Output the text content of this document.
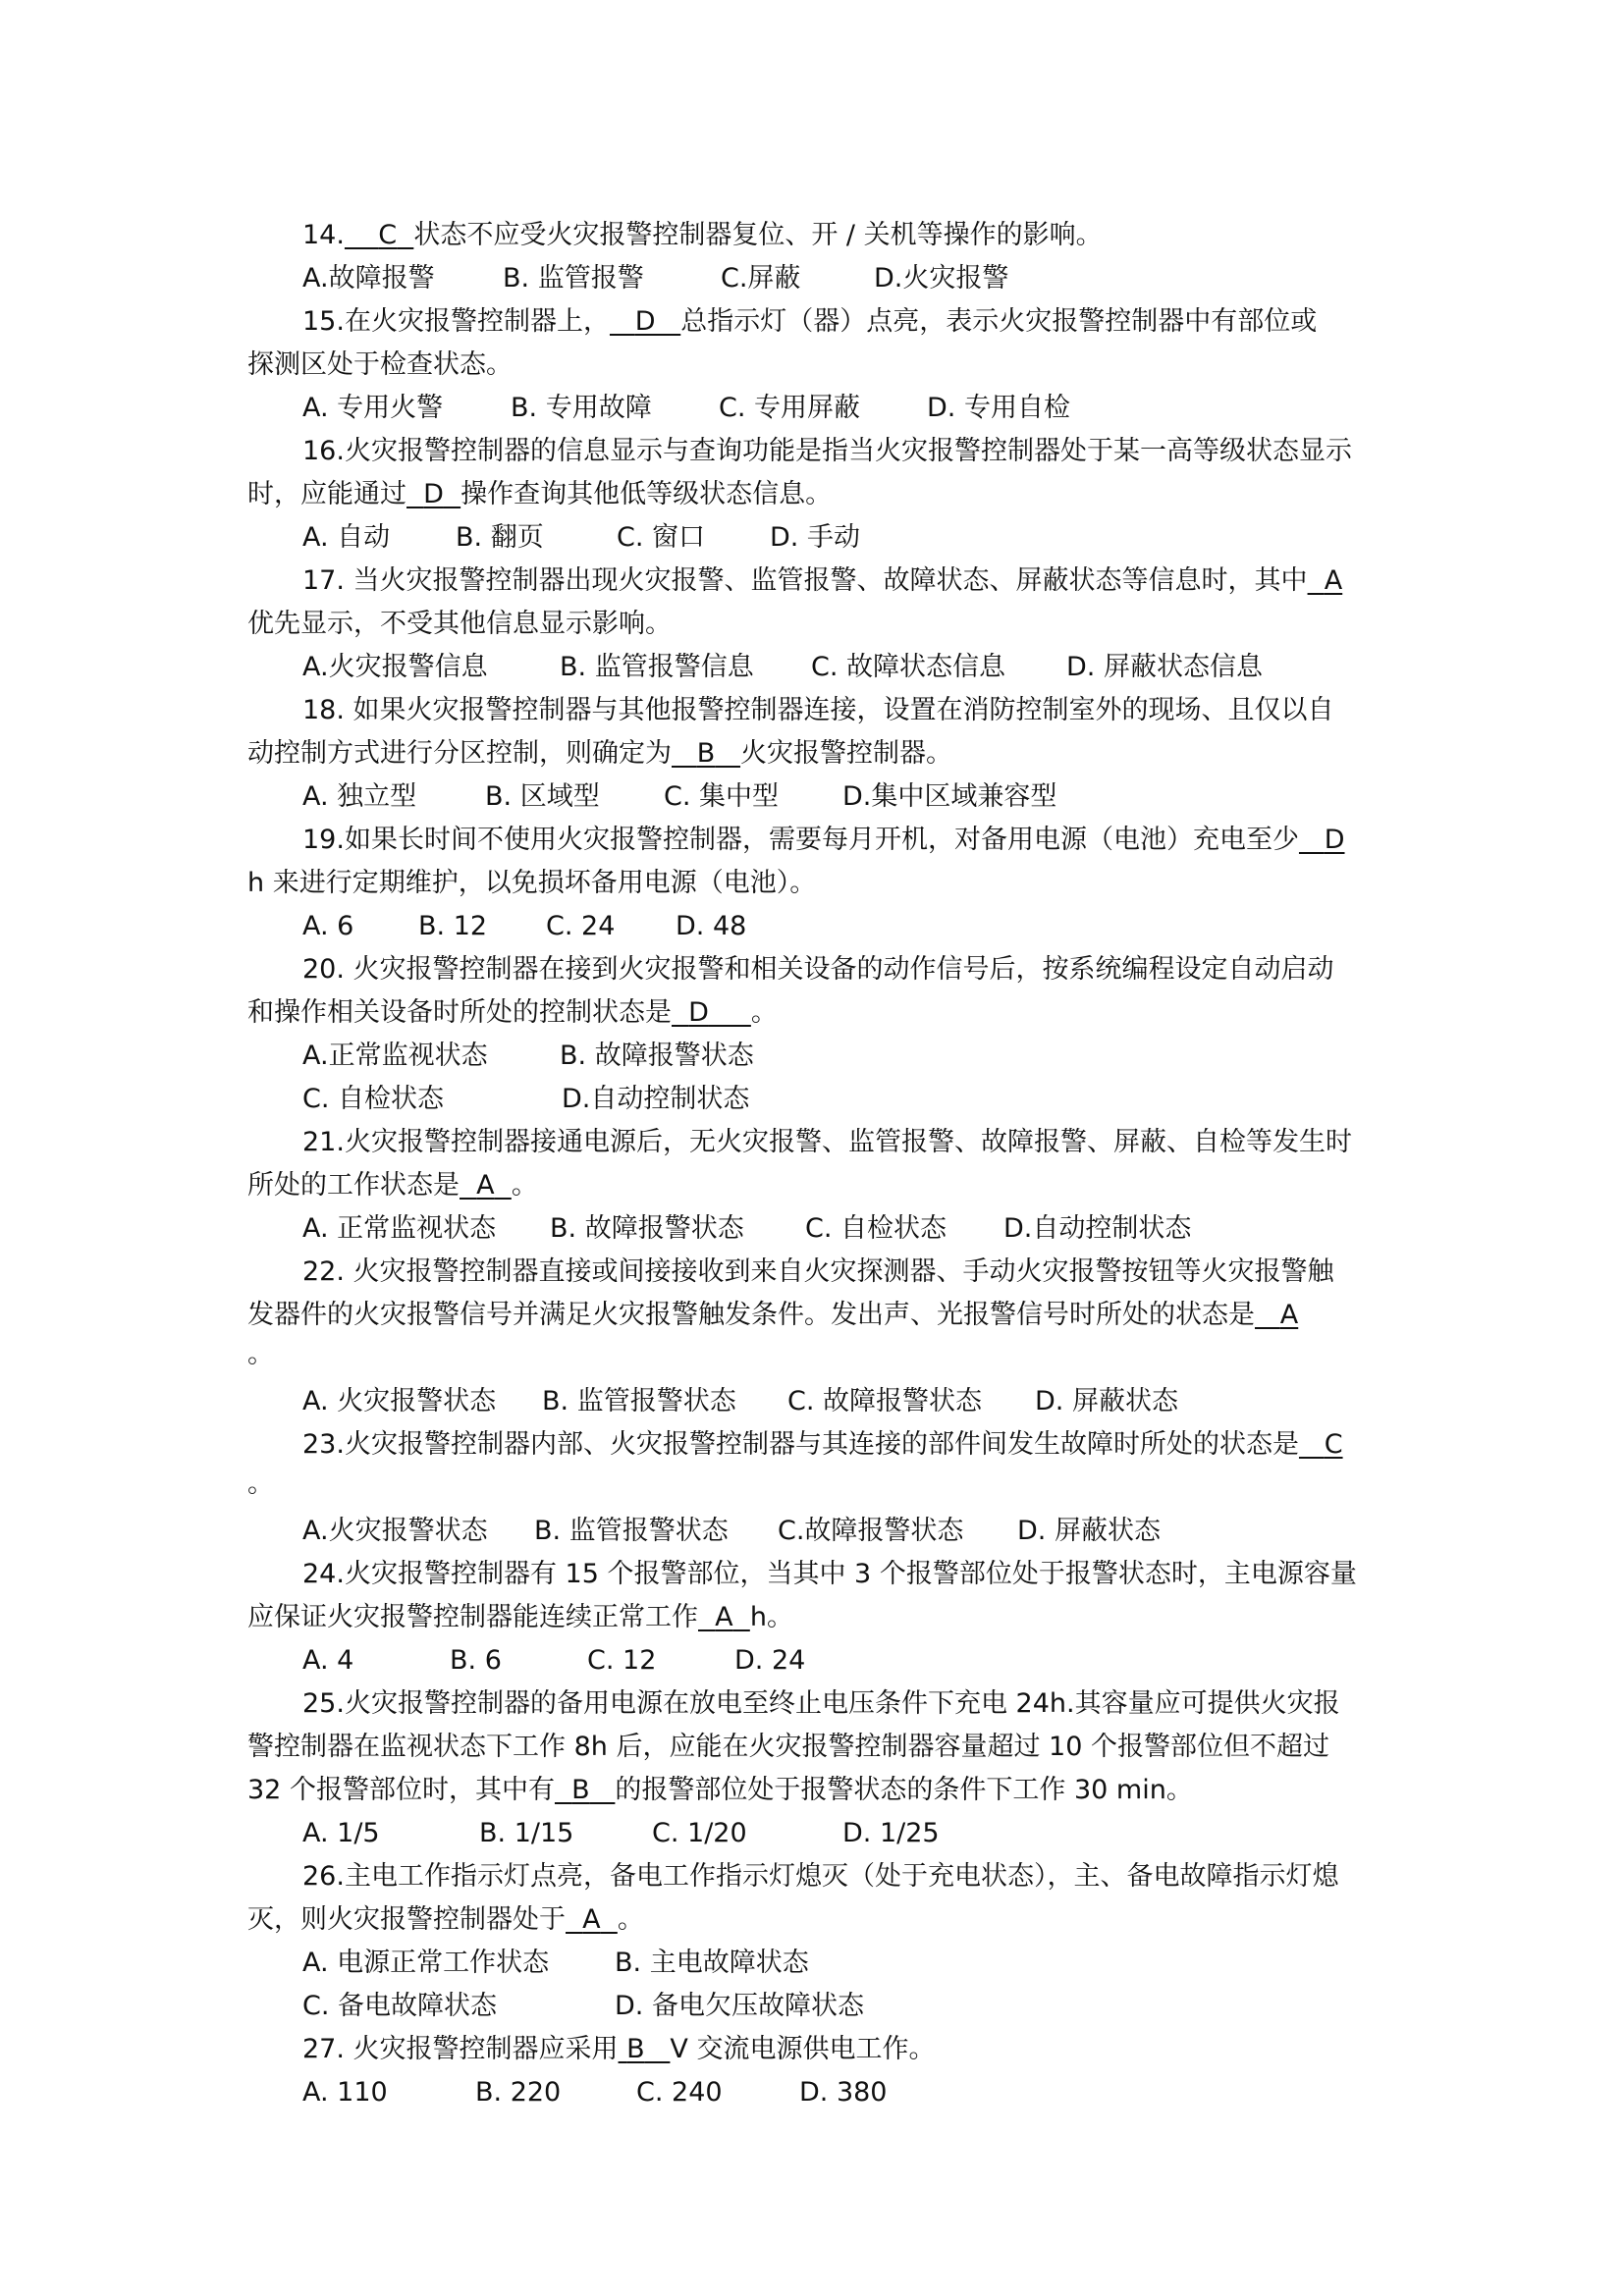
14. C 状态不应受火灾报警控制器复位、开 / 关机等操作的影响。
A.故障报警	B. 监管报警	C.屏蔽	D.火灾报警
15.在火灾报警控制器上， D 总指示灯（器）点亮，表示火灾报警控制器中有部位或
探测区处于检查状态。
A. 专用火警	B. 专用故障	C. 专用屏蔽	D. 专用自检
16.火灾报警控制器的信息显示与查询功能是指当火灾报警控制器处于某一高等级状态显示
时，应能通过 D 操作查询其他低等级状态信息。
A. 自动 B. 翻页	C. 窗口 D. 手动
17. 当火灾报警控制器出现火灾报警、监管报警、故障状态、屏蔽状态等信息时，其中 A
优先显示，不受其他信息显示影响。
A.火灾报警信息	B. 监管报警信息 C. 故障状态信息 D. 屏蔽状态信息
18. 如果火灾报警控制器与其他报警控制器连接，设置在消防控制室外的现场、且仅以自
动控制方式进行分区控制，则确定为 B 火灾报警控制器。
A. 独立型	B. 区域型 C. 集中型 D.集中区域兼容型
19.如果长时间不使用火灾报警控制器，需要每月开机，对备用电源（电池）充电至少 D
h 来进行定期维护，以免损坏备用电源（电池）。
A. 6 B. 12 C. 24 D. 48
20. 火灾报警控制器在接到火灾报警和相关设备的动作信号后，按系统编程设定自动启动
和操作相关设备时所处的控制状态是 D 。
A.正常监视状态	B. 故障报警状态
C. 自检状态	D.自动控制状态
21.火灾报警控制器接通电源后，无火灾报警、监管报警、故障报警、屏蔽、自检等发生时
所处的工作状态是 A 。
A. 正常监视状态 B. 故障报警状态 C. 自检状态 D.自动控制状态
22. 火灾报警控制器直接或间接接收到来自火灾探测器、手动火灾报警按钮等火灾报警触
发器件的火灾报警信号并满足火灾报警触发条件。发出声、光报警信号时所处的状态是 A
。
A. 火灾报警状态 B. 监管报警状态 C. 故障报警状态 D. 屏蔽状态
23.火灾报警控制器内部、火灾报警控制器与其连接的部件间发生故障时所处的状态是 C
。
A.火灾报警状态 B. 监管报警状态 C.故障报警状态 D. 屏蔽状态
24.火灾报警控制器有 15 个报警部位，当其中 3 个报警部位处于报警状态时，主电源容量
应保证火灾报警控制器能连续正常工作 A h。
A. 4	B. 6	C. 12	D. 24
25.火灾报警控制器的备用电源在放电至终止电压条件下充电 24h.其容量应可提供火灾报
警控制器在监视状态下工作 8h 后，应能在火灾报警控制器容量超过 10 个报警部位但不超过
32 个报警部位时，其中有 B 的报警部位处于报警状态的条件下工作 30 min。
A. 1/5	B. 1/15	C. 1/20	D. 1/25
26.主电工作指示灯点亮，备电工作指示灯熄灭（处于充电状态），主、备电故障指示灯熄
灭，则火灾报警控制器处于 A 。
A. 电源正常工作状态 B. 主电故障状态
C. 备电故障状态	D. 备电欠压故障状态
27. 火灾报警控制器应采用 B V 交流电源供电工作。
A. 110	B. 220	C. 240	D. 380
